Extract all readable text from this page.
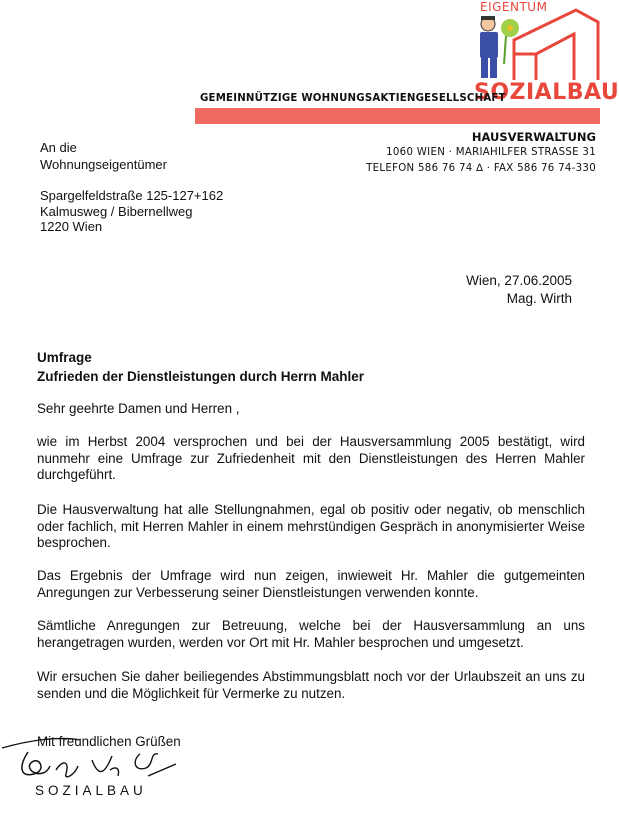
EIGENTUM
SOZIALBAU
GEMEINNÜTZIGE WOHNUNGSAKTIENGESELLSCHAFT
HAUSVERWALTUNG
1060 WIEN · MARIAHILFER STRASSE 31
TELEFON 586 76 74 ∆ · FAX 586 76 74-330
An die
Wohnungseigentümer
Spargelfeldstraße 125-127+162
Kalmusweg / Bibernellweg
1220 Wien
Wien, 27.06.2005
Mag. Wirth
Umfrage
Zufrieden der Dienstleistungen durch Herrn Mahler
Sehr geehrte Damen und Herren ,
wie im Herbst 2004 versprochen und bei der Hausversammlung 2005 bestätigt, wird nunmehr eine Umfrage zur Zufriedenheit mit den Dienstleistungen des Herren Mahler durchgeführt.
Die Hausverwaltung hat alle Stellungnahmen, egal ob positiv oder negativ, ob menschlich oder fachlich, mit Herren Mahler in einem mehrstündigen Gespräch in anonymisierter Weise besprochen.
Das Ergebnis der Umfrage wird nun zeigen, inwieweit Hr. Mahler die gutgemeinten Anregungen zur Verbesserung seiner Dienstleistungen verwenden konnte.
Sämtliche Anregungen zur Betreuung, welche bei der Hausversammlung an uns herangetragen wurden, werden vor Ort mit Hr. Mahler besprochen und umgesetzt.
Wir ersuchen Sie daher beiliegendes Abstimmungsblatt noch vor der Urlaubszeit an uns zu senden und die Möglichkeit für Vermerke zu nutzen.
Mit freundlichen Grüßen
SOZIALBAU
